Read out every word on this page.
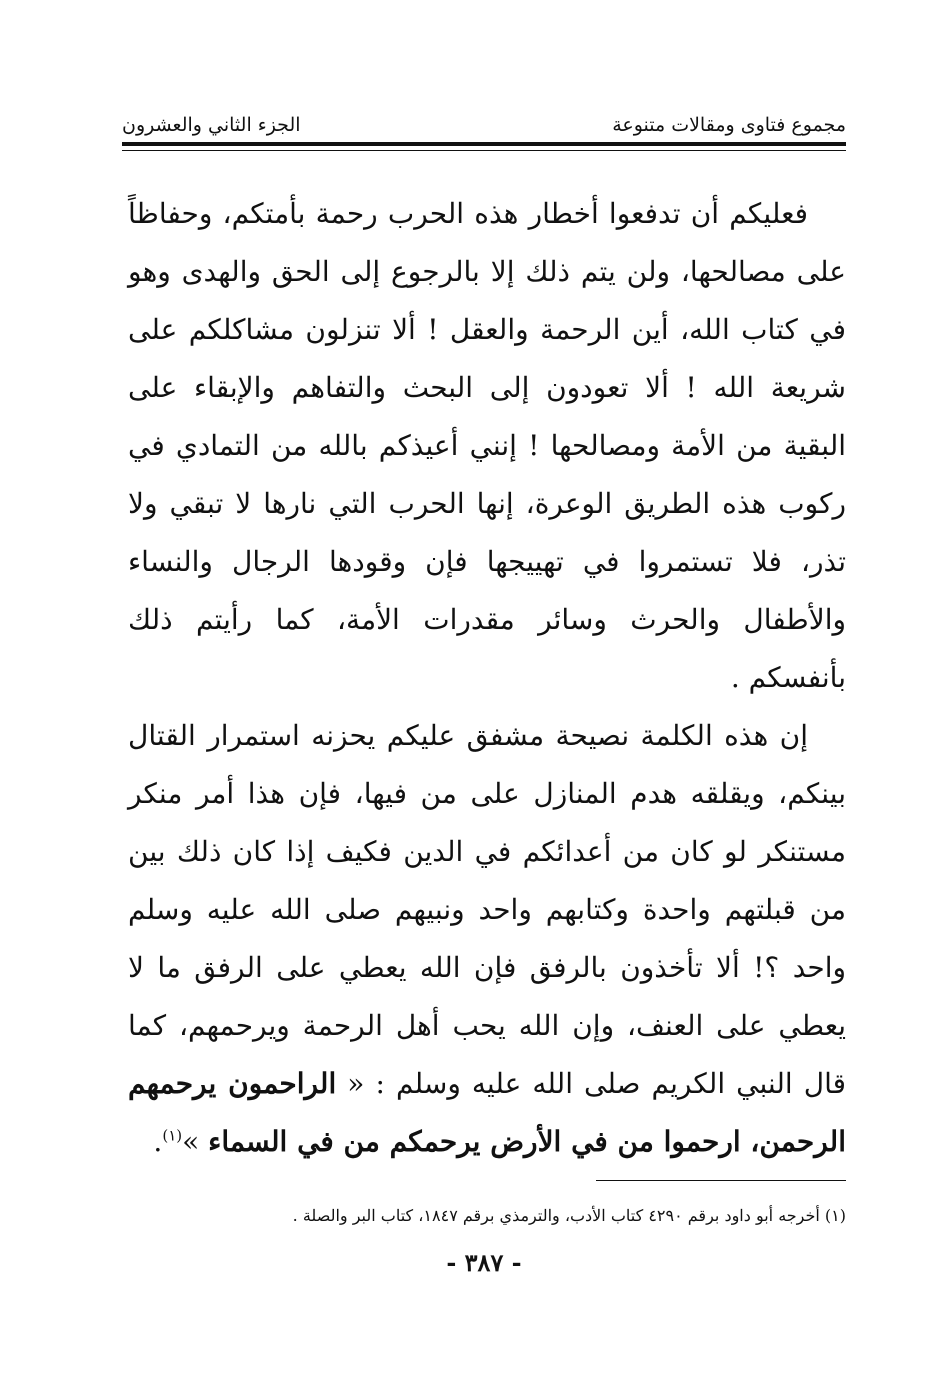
مجموع فتاوى ومقالات متنوعة
الجزء الثاني والعشرون

فعليكم أن تدفعوا أخطار هذه الحرب رحمة بأمتكم، وحفاظاً على مصالحها، ولن يتم ذلك إلا بالرجوع إلى الحق والهدى وهو في كتاب الله، أين الرحمة والعقل ! ألا تنزلون مشاكلكم على شريعة الله ! ألا تعودون إلى البحث والتفاهم والإبقاء على البقية من الأمة ومصالحها ! إنني أعيذكم بالله من التمادي في ركوب هذه الطريق الوعرة، إنها الحرب التي نارها لا تبقي ولا تذر، فلا تستمروا في تهييجها فإن وقودها الرجال والنساء والأطفال والحرث وسائر مقدرات الأمة، كما رأيتم ذلك بأنفسكم .

إن هذه الكلمة نصيحة مشفق عليكم يحزنه استمرار القتال بينكم، ويقلقه هدم المنازل على من فيها، فإن هذا أمر منكر مستنكر لو كان من أعدائكم في الدين فكيف إذا كان ذلك بين من قبلتهم واحدة وكتابهم واحد ونبيهم صلى الله عليه وسلم واحد ؟! ألا تأخذون بالرفق فإن الله يعطي على الرفق ما لا يعطي على العنف، وإن الله يحب أهل الرحمة ويرحمهم، كما قال النبي الكريم صلى الله عليه وسلم : « الراحمون يرحمهم الرحمن، ارحموا من في الأرض يرحمكم من في السماء »$^{(١)}$.

(١) أخرجه أبو داود برقم ٤٢٩٠ كتاب الأدب، والترمذي برقم ١٨٤٧، كتاب البر والصلة .
- ٣٨٧ -
